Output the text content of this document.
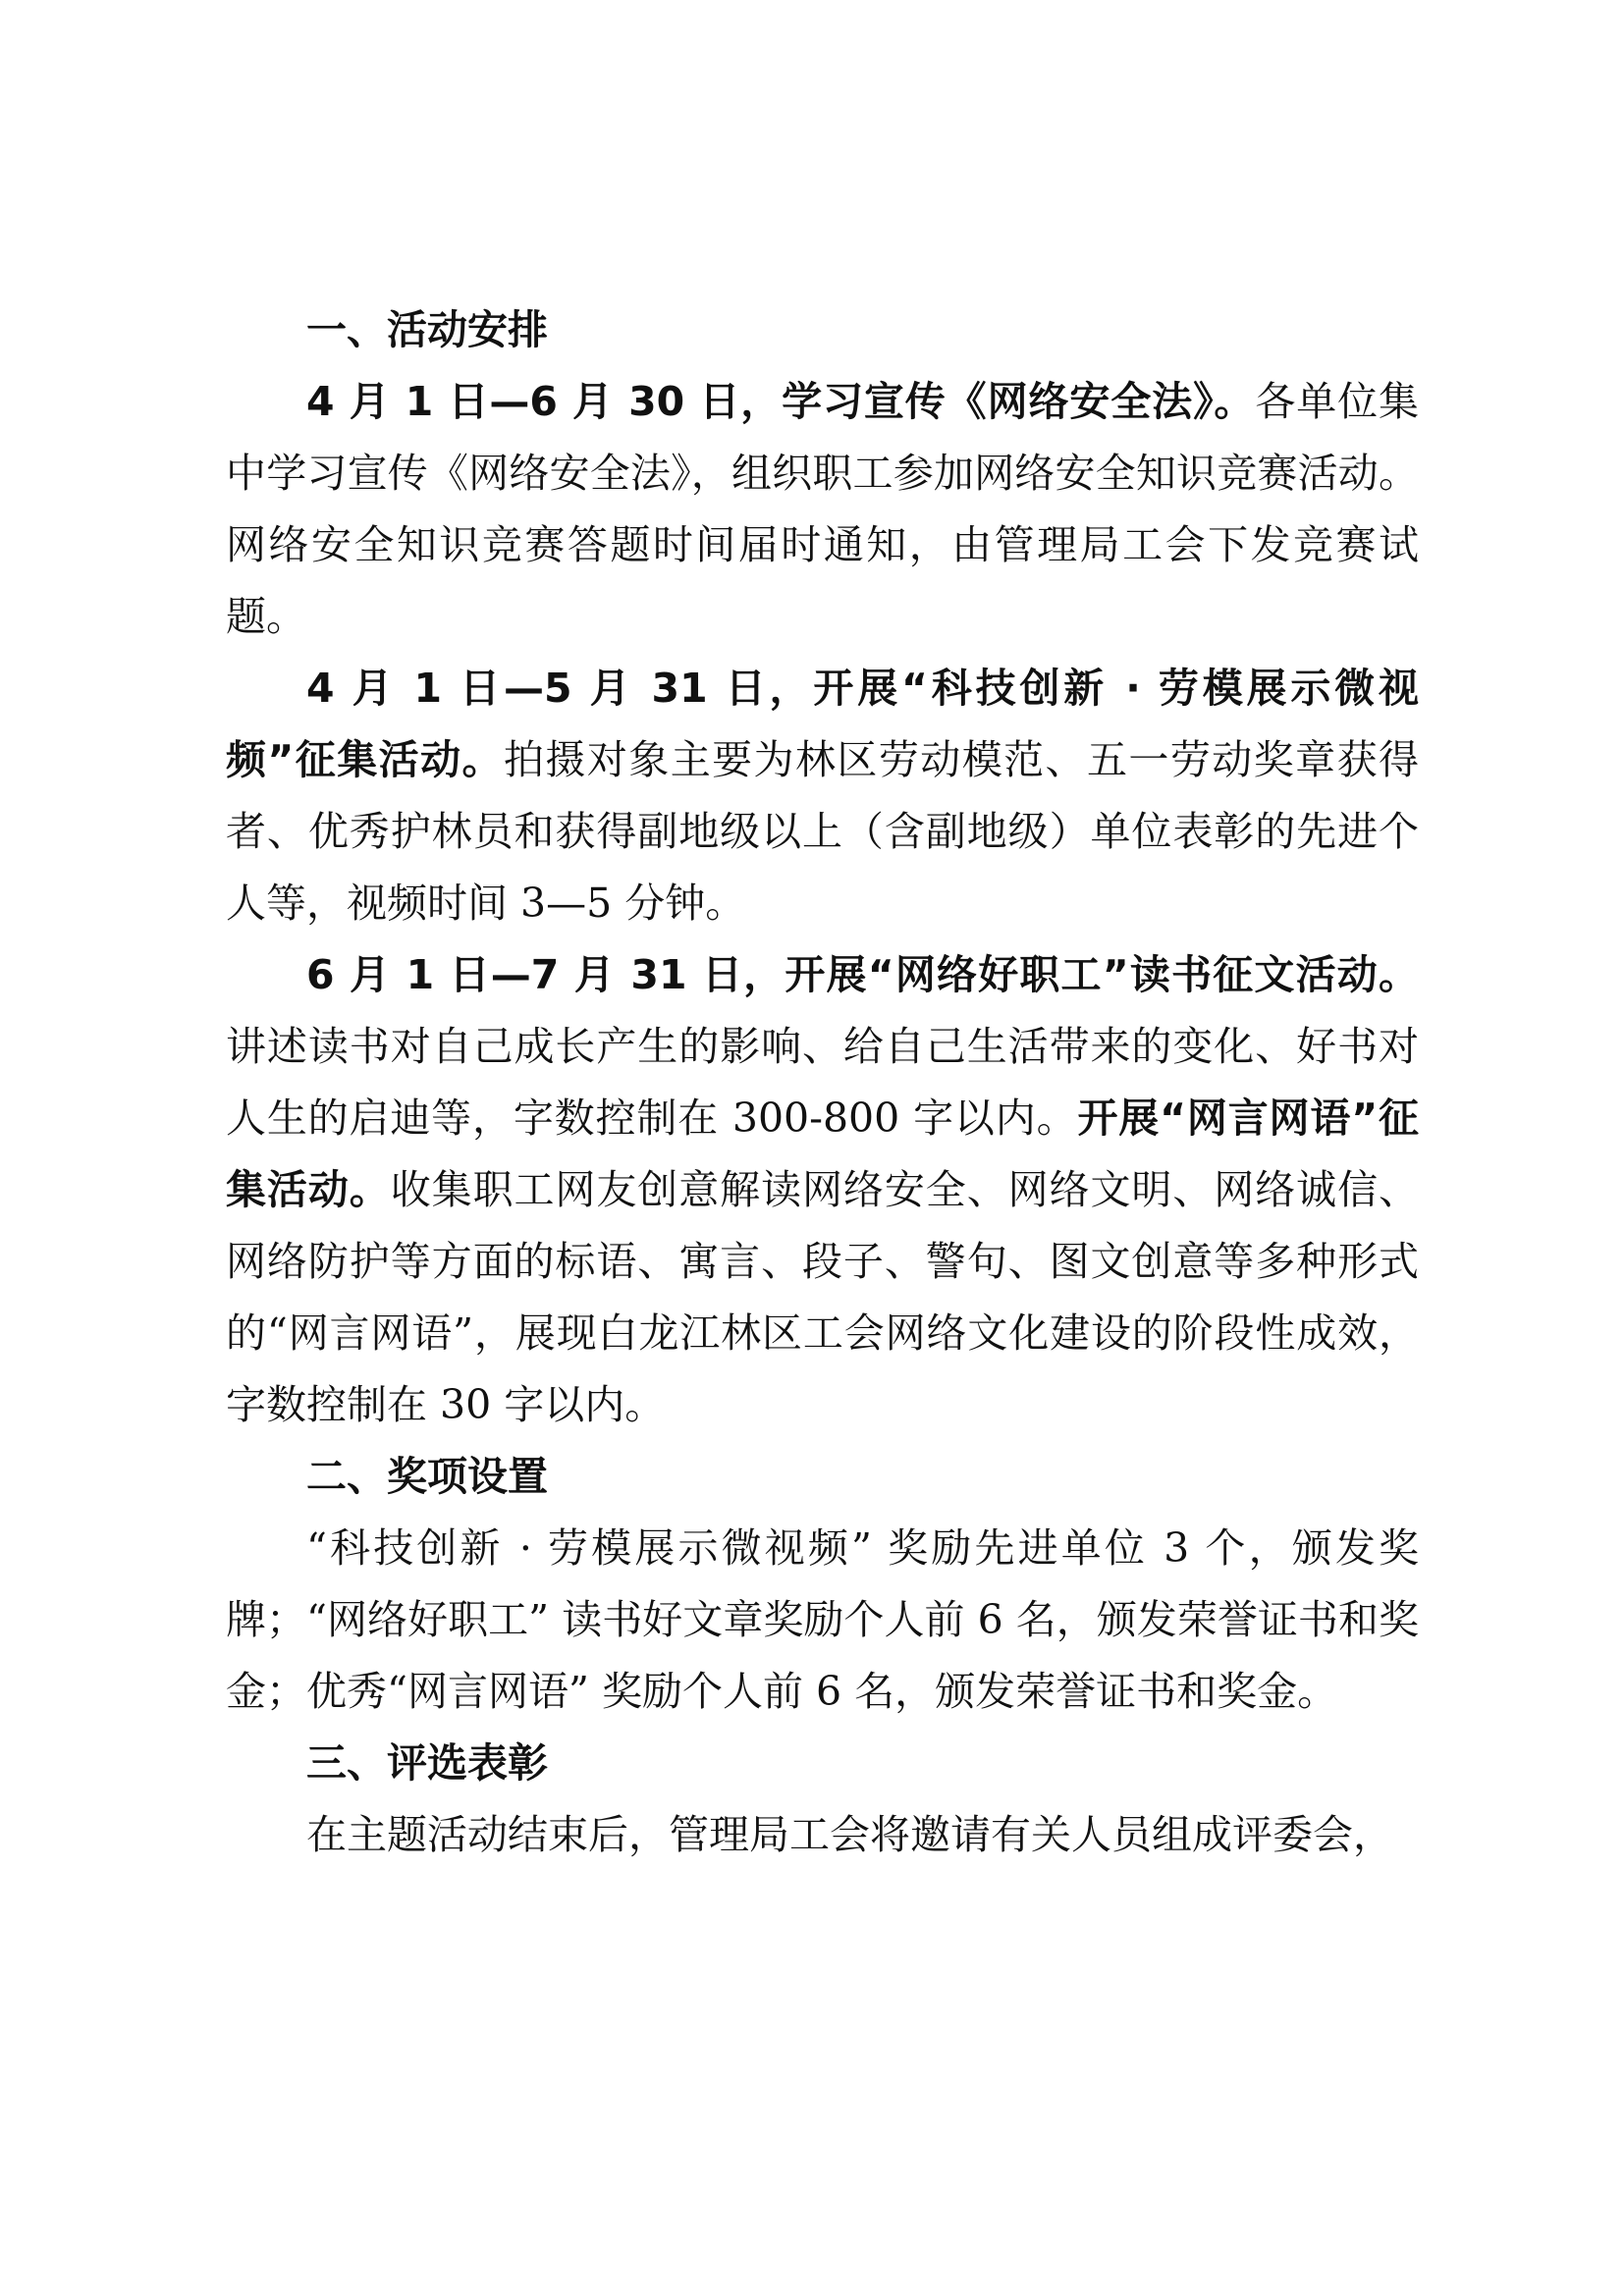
一、活动安排

4 月 1 日—6 月 30 日，学习宣传《网络安全法》。各单位集中学习宣传《网络安全法》，组织职工参加网络安全知识竞赛活动。网络安全知识竞赛答题时间届时通知，由管理局工会下发竞赛试题。

4 月 1 日—5 月 31 日，开展“科技创新 · 劳模展示微视频”征集活动。拍摄对象主要为林区劳动模范、五一劳动奖章获得者、优秀护林员和获得副地级以上（含副地级）单位表彰的先进个人等，视频时间 3—5 分钟。

6 月 1 日—7 月 31 日，开展“网络好职工”读书征文活动。讲述读书对自己成长产生的影响、给自己生活带来的变化、好书对人生的启迪等，字数控制在 300-800 字以内。开展“网言网语”征集活动。收集职工网友创意解读网络安全、网络文明、网络诚信、网络防护等方面的标语、寓言、段子、警句、图文创意等多种形式的“网言网语”，展现白龙江林区工会网络文化建设的阶段性成效，字数控制在 30 字以内。

二、奖项设置

“科技创新 · 劳模展示微视频” 奖励先进单位 3 个，颁发奖牌；“网络好职工” 读书好文章奖励个人前 6 名，颁发荣誉证书和奖金；优秀“网言网语” 奖励个人前 6 名，颁发荣誉证书和奖金。

三、评选表彰

在主题活动结束后，管理局工会将邀请有关人员组成评委会，
